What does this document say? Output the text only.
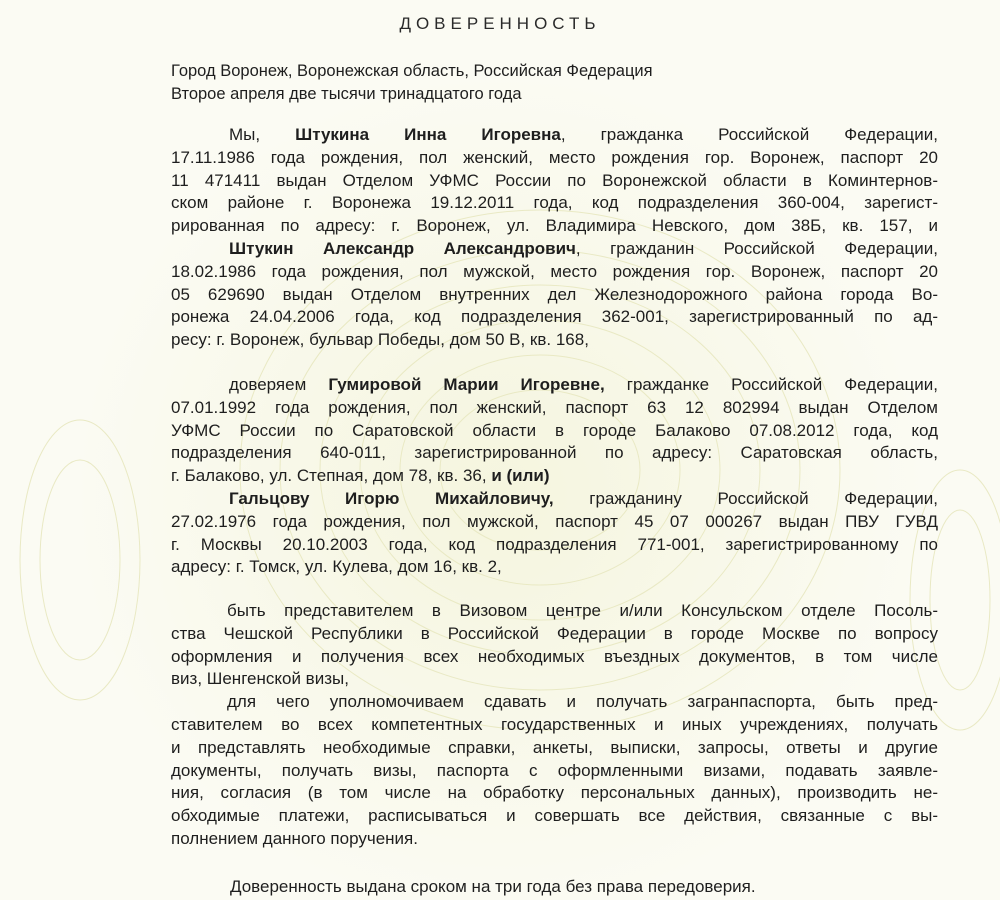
ДОВЕРЕННОСТЬ
Город Воронеж, Воронежская область, Российская Федерация
Второе апреля две тысячи тринадцатого года
Мы, Штукина Инна Игоревна, гражданка Российской Федерации,
17.11.1986 года рождения, пол женский, место рождения гор. Воронеж, паспорт 20
11 471411 выдан Отделом УФМС России по Воронежской области в Коминтернов-
ском районе г. Воронежа 19.12.2011 года, код подразделения 360-004, зарегист-
рированная по адресу: г. Воронеж, ул. Владимира Невского, дом 38Б, кв. 157, и
Штукин Александр Александрович, гражданин Российской Федерации,
18.02.1986 года рождения, пол мужской, место рождения гор. Воронеж, паспорт 20
05 629690 выдан Отделом внутренних дел Железнодорожного района города Во-
ронежа 24.04.2006 года, код подразделения 362-001, зарегистрированный по ад-
ресу: г. Воронеж, бульвар Победы, дом 50 В, кв. 168,
доверяем Гумировой Марии Игоревне, гражданке Российской Федерации,
07.01.1992 года рождения, пол женский, паспорт 63 12 802994 выдан Отделом
УФМС России по Саратовской области в городе Балаково 07.08.2012 года, код
подразделения 640-011, зарегистрированной по адресу: Саратовская область,
г. Балаково, ул. Степная, дом 78, кв. 36, и (или)
Гальцову Игорю Михайловичу, гражданину Российской Федерации,
27.02.1976 года рождения, пол мужской, паспорт 45 07 000267 выдан ПВУ ГУВД
г. Москвы 20.10.2003 года, код подразделения 771-001, зарегистрированному по
адресу: г. Томск, ул. Кулева, дом 16, кв. 2,
быть представителем в Визовом центре и/или Консульском отделе Посоль-
ства Чешской Республики в Российской Федерации в городе Москве по вопросу
оформления и получения всех необходимых въездных документов, в том числе
виз, Шенгенской визы,
для чего уполномочиваем сдавать и получать загранпаспорта, быть пред-
ставителем во всех компетентных государственных и иных учреждениях, получать
и представлять необходимые справки, анкеты, выписки, запросы, ответы и другие
документы, получать визы, паспорта с оформленными визами, подавать заявле-
ния, согласия (в том числе на обработку персональных данных), производить не-
обходимые платежи, расписываться и совершать все действия, связанные с вы-
полнением данного поручения.
Доверенность выдана сроком на три года без права передоверия.
